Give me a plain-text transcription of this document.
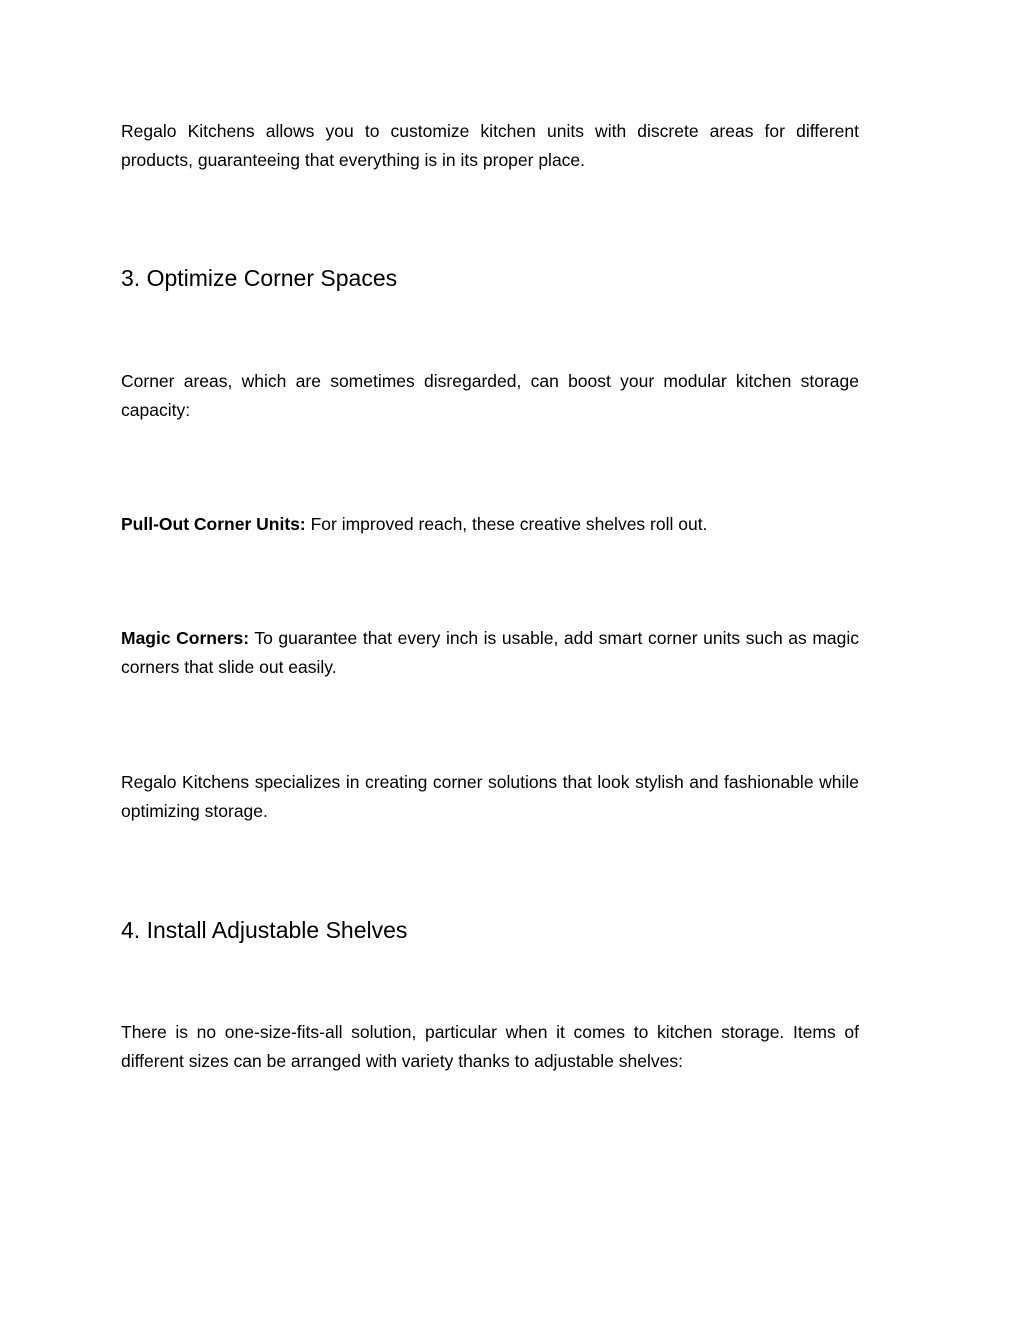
Regalo Kitchens allows you to customize kitchen units with discrete areas for different products, guaranteeing that everything is in its proper place.

3. Optimize Corner Spaces

Corner areas, which are sometimes disregarded, can boost your modular kitchen storage capacity:

Pull-Out Corner Units: For improved reach, these creative shelves roll out.

Magic Corners: To guarantee that every inch is usable, add smart corner units such as magic corners that slide out easily.

Regalo Kitchens specializes in creating corner solutions that look stylish and fashionable while optimizing storage.

4. Install Adjustable Shelves

There is no one-size-fits-all solution, particular when it comes to kitchen storage. Items of different sizes can be arranged with variety thanks to adjustable shelves:
